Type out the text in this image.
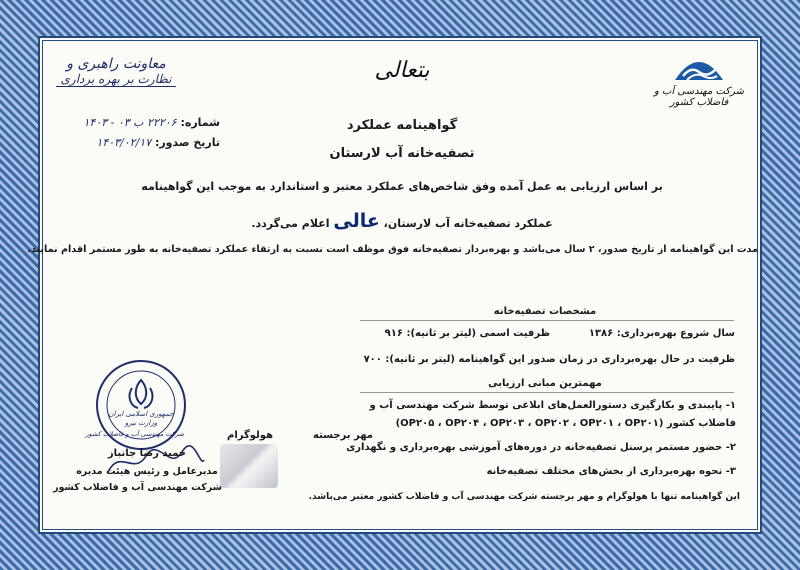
معاونت راهبری و
نظارت بر بهره برداری	بتعالی
شرکت مهندسی آب و فاضلاب کشور
شماره: ۲۲۲۰۶ ب ۰۳ - ۱۴۰۳
تاریخ صدور: ۱۴۰۳/۰۲/۱۷
گواهینامه عملکرد
تصفیه‌خانه آب لارستان
بر اساس ارزیابی به عمل آمده وفق شاخص‌های عملکرد معتبر و استاندارد به موجب این گواهینامه
عملکرد تصفیه‌خانه آب لارستان، عالی اعلام می‌گردد.
مدت این گواهینامه از تاریخ صدور، ۲ سال می‌باشد و بهره‌بردار تصفیه‌خانه فوق موظف است نسبت به ارتقاء عملکرد تصفیه‌خانه به طور مستمر اقدام نمایند.
مشخصات تصفیه‌خانه
سال شروع بهره‌برداری: ۱۳۸۶
ظرفیت اسمی (لیتر بر ثانیه): ۹۱۶
ظرفیت در حال بهره‌برداری در زمان صدور این گواهینامه (لیتر بر ثانیه): ۷۰۰
مهمترین مبانی ارزیابی
۱- پایبندی و بکارگیری دستورالعمل‌های ابلاغی توسط شرکت مهندسی آب و
فاضلاب کشور (OP۲۰۵ ، OP۲۰۴ ، OP۲۰۳ ، OP۲۰۲ ، OP۲۰۱ ، OP۲۰۱)
۲- حضور مستمر پرسنل تصفیه‌خانه در دوره‌های آموزشی بهره‌برداری و نگهداری
۳- نحوه بهره‌برداری از بخش‌های مختلف تصفیه‌خانه
جمهوری اسلامی ایران
وزارت نیرو
شرکت مهندسی آب و فاضلاب کشور	هولوگرام	مهر برجسته
حمید رضا جانباز
مدیرعامل و رئیس هیئت مدیره
شرکت مهندسی آب و فاضلاب کشور
این گواهینامه تنها با هولوگرام و مهر برجسته شرکت مهندسی آب و فاضلاب کشور معتبر می‌باشد.
